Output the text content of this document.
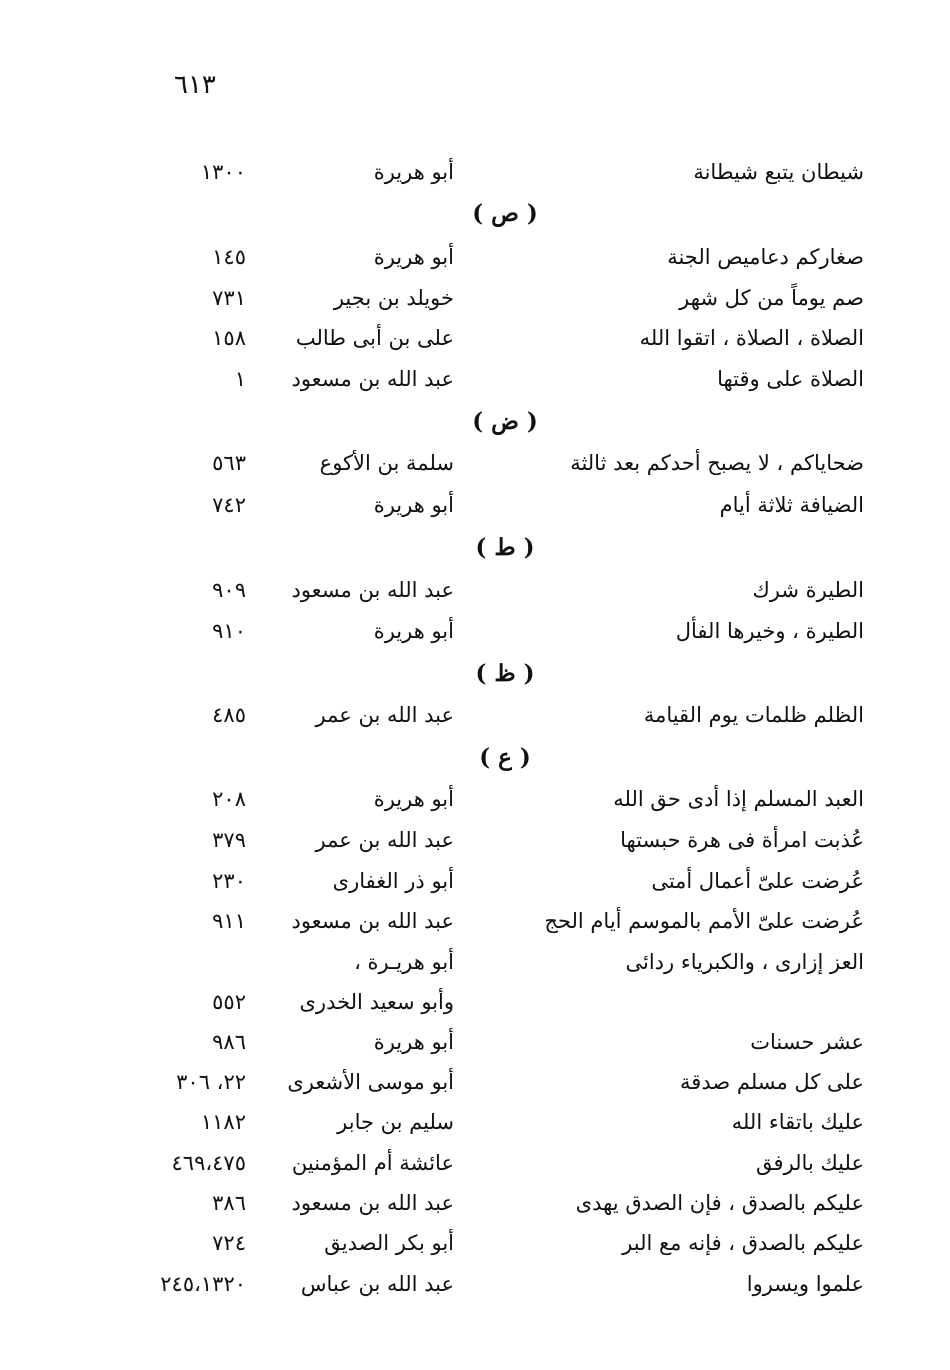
٦١٣
شيطان يتبع شيطانة
أبو هريرة
١٣٠٠
( ص )
صغاركم دعاميص الجنة
أبو هريرة
١٤٥
صم يوماً من كل شهر
خويلد بن بجير
٧٣١
الصلاة ، الصلاة ، اتقوا الله
على بن أبى طالب
١٥٨
الصلاة على وقتها
عبد الله بن مسعود
١
( ض )
ضحاياكم ، لا يصبح أحدكم بعد ثالثة
سلمة بن الأكوع
٥٦٣
الضيافة ثلاثة أيام
أبو هريرة
٧٤٢
( ط )
الطيرة شرك
عبد الله بن مسعود
٩٠٩
الطيرة ، وخيرها الفأل
أبو هريرة
٩١٠
( ظ )
الظلم ظلمات يوم القيامة
عبد الله بن عمر
٤٨٥
( ع )
العبد المسلم إذا أدى حق الله
أبو هريرة
٢٠٨
عُذبت امرأة فى هرة حبستها
عبد الله بن عمر
٣٧٩
عُرضت علىّ أعمال أمتى
أبو ذر الغفارى
٢٣٠
عُرضت علىّ الأمم بالموسم أيام الحج
عبد الله بن مسعود
٩١١
العز إزارى ، والكبرياء ردائى
أبو هريـرة ،
وأبو سعيد الخدرى
٥٥٢
عشر حسنات
أبو هريرة
٩٨٦
على كل مسلم صدقة
أبو موسى الأشعرى
٢٢، ٣٠٦
عليك باتقاء الله
سليم بن جابر
١١٨٢
عليك بالرفق
عائشة أم المؤمنين
٤٦٩،٤٧٥
عليكم بالصدق ، فإن الصدق يهدى
عبد الله بن مسعود
٣٨٦
عليكم بالصدق ، فإنه مع البر
أبو بكر الصديق
٧٢٤
علموا ويسروا
عبد الله بن عباس
٢٤٥،١٣٢٠
